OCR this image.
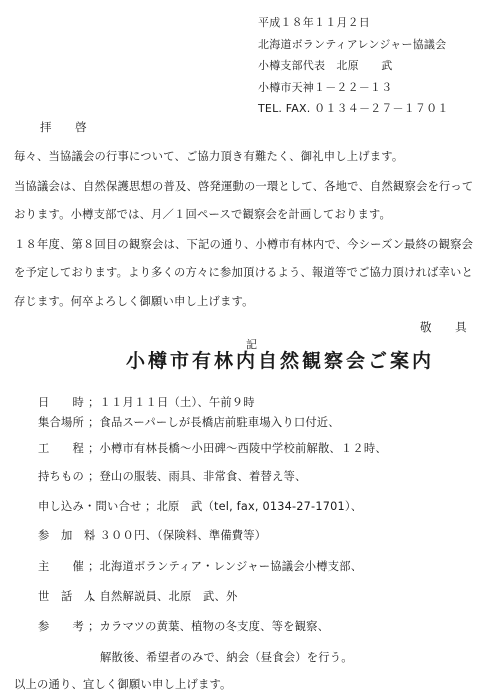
平成１８年１１月２日
北海道ボランティアレンジャー協議会
小樽支部代表　北原　　武
小樽市天神１－２２－１３
TEL. FAX. ０１３４－２７－１７０１
拝　　啓
毎々、当協議会の行事について、ご協力頂き有難たく、御礼申し上げます。
当協議会は、自然保護思想の普及、啓発運動の一環として、各地で、自然観察会を行って
おります。小樽支部では、月／１回ペースで観察会を計画しております。
１８年度、第８回目の観察会は、下記の通り、小樽市有林内で、今シーズン最終の観察会
を予定しております。より多くの方々に参加頂けるよう、報道等でご協力頂ければ幸いと
存じます。何卒よろしく御願い申し上げます。
敬　　具
記
小樽市有林内自然観察会ご案内
日　　時 ；１１月１１日（土）、午前９時
集合場所 ；食品スーパーしが長橋店前駐車場入り口付近、
工　　程 ；小樽市有林長橋～小田碑～西陵中学校前解散、１２時、
持ちもの ；登山の服装、雨具、非常食、着替え等、
申し込み・問い合せ ；北原　武（tel, fax, 0134-27-1701）、
参　加　料
；３００円、（保険料、準備費等）
主　　催 ；北海道ボランティア・レンジャー協議会小樽支部、
世　話　人
；自然解説員、北原　武、外
参　　考 ；カラマツの黄葉、植物の冬支度、等を観察、
解散後、希望者のみで、納会（昼食会）を行う。
以上の通り、宜しく御願い申し上げます。
